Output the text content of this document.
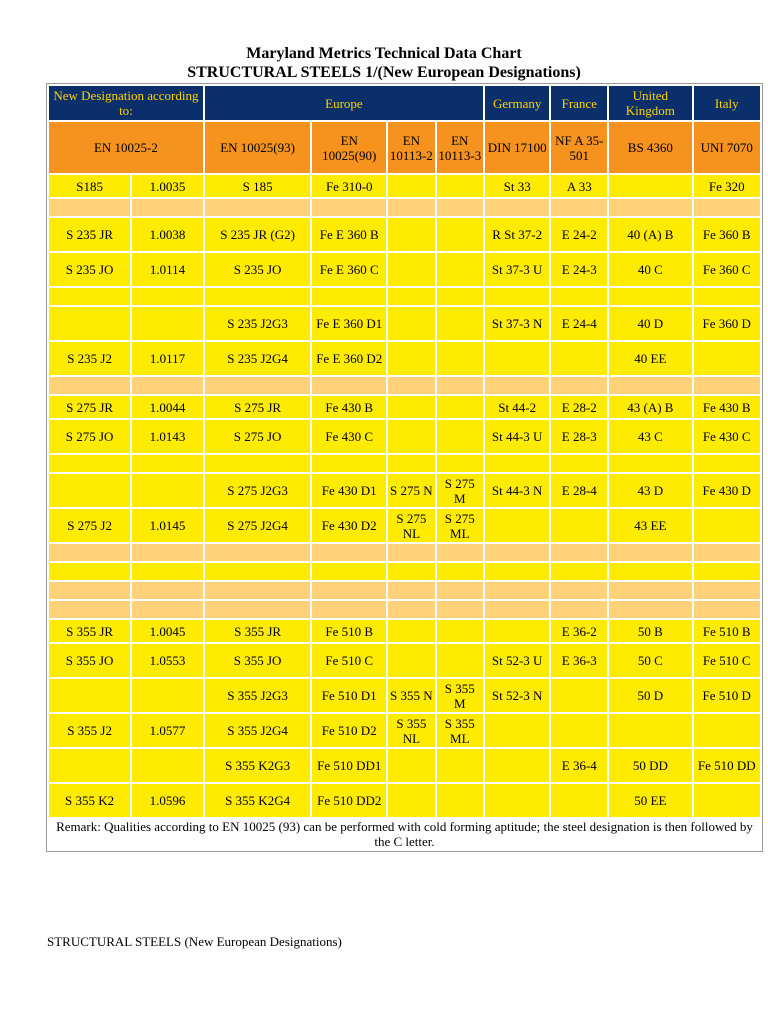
Maryland Metrics Technical Data Chart
STRUCTURAL STEELS 1/(New European Designations)
New Designation according to:		Europe				Germany	France	United Kingdom	Italy
EN 10025-2		EN 10025(93)	EN 10025(90)	EN 10113-2	EN 10113-3	DIN 17100	NF A 35-501	BS 4360	UNI 7070
S185	1.0035	S 185	Fe 310-0			St 33	A 33		Fe 320

S 235 JR	1.0038	S 235 JR (G2)	Fe E 360 B			R St 37-2	E 24-2	40 (A) B	Fe 360 B
S 235 JO	1.0114	S 235 JO	Fe E 360 C			St 37-3 U	E 24-3	40 C	Fe 360 C

		S 235 J2G3	Fe E 360 D1			St 37-3 N	E 24-4	40 D	Fe 360 D
S 235 J2	1.0117	S 235 J2G4	Fe E 360 D2					40 EE	

S 275 JR	1.0044	S 275 JR	Fe 430 B			St 44-2	E 28-2	43 (A) B	Fe 430 B
S 275 JO	1.0143	S 275 JO	Fe 430 C			St 44-3 U	E 28-3	43 C	Fe 430 C

		S 275 J2G3	Fe 430 D1	S 275 N	S 275 M	St 44-3 N	E 28-4	43 D	Fe 430 D
S 275 J2	1.0145	S 275 J2G4	Fe 430 D2	S 275 NL	S 275 ML			43 EE	

S 355 JR	1.0045	S 355 JR	Fe 510 B				E 36-2	50 B	Fe 510 B
S 355 JO	1.0553	S 355 JO	Fe 510 C			St 52-3 U	E 36-3	50 C	Fe 510 C
		S 355 J2G3	Fe 510 D1	S 355 N	S 355 M	St 52-3 N		50 D	Fe 510 D
S 355 J2	1.0577	S 355 J2G4	Fe 510 D2	S 355 NL	S 355 ML				
		S 355 K2G3	Fe 510 DD1				E 36-4	50 DD	Fe 510 DD
S 355 K2	1.0596	S 355 K2G4	Fe 510 DD2					50 EE	
Remark: Qualities according to EN 10025 (93) can be performed with cold forming aptitude; the steel designation is then followed by the C letter.									
STRUCTURAL STEELS (New European Designations)
